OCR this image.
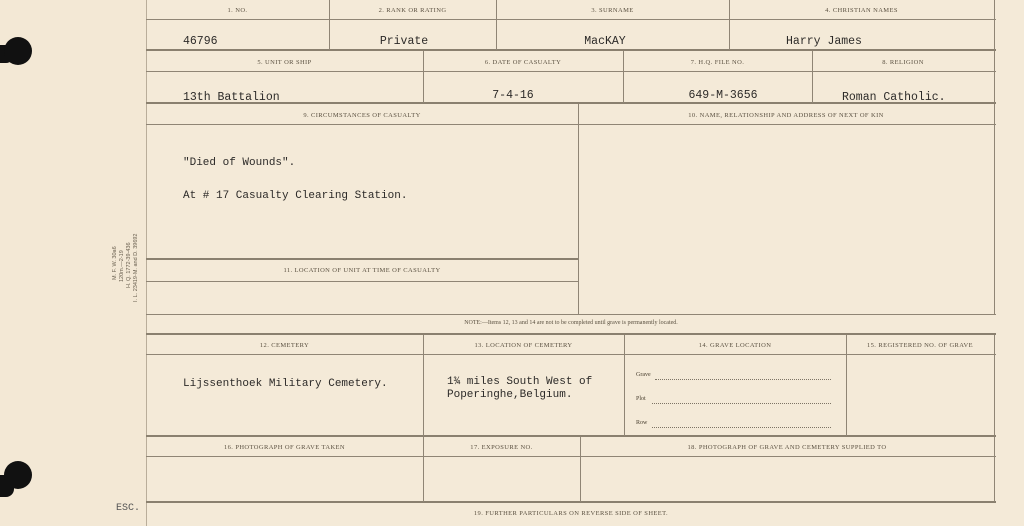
M. F. W. 30a6 120m.—2-19 H. Q. 1772-39-436 I. L. 23419-M. and D. 39692
ESC.
1. NO.	2. RANK OR RATING	3. SURNAME	4. CHRISTIAN NAMES
46796	Private	MacKAY	Harry James
5. UNIT OR SHIP	6. DATE OF CASUALTY	7. H.Q. FILE NO.	8. RELIGION
13th Battalion	7-4-16	649-M-3656	Roman Catholic.
9. CIRCUMSTANCES OF CASUALTY	10. NAME, RELATIONSHIP AND ADDRESS OF NEXT OF KIN
"Died of Wounds".
At # 17 Casualty Clearing Station.
11. LOCATION OF UNIT AT TIME OF CASUALTY
NOTE:—Items 12, 13 and 14 are not to be completed until grave is permanently located.
12. CEMETERY	13. LOCATION OF CEMETERY	14. GRAVE LOCATION	15. REGISTERED NO. OF GRAVE
Lijssenthoek Military Cemetery.	1¾ miles South West of
Poperinghe,Belgium.
Grave
Plot
Row
16. PHOTOGRAPH OF GRAVE TAKEN	17. EXPOSURE NO.	18. PHOTOGRAPH OF GRAVE AND CEMETERY SUPPLIED TO
19. FURTHER PARTICULARS ON REVERSE SIDE OF SHEET.
